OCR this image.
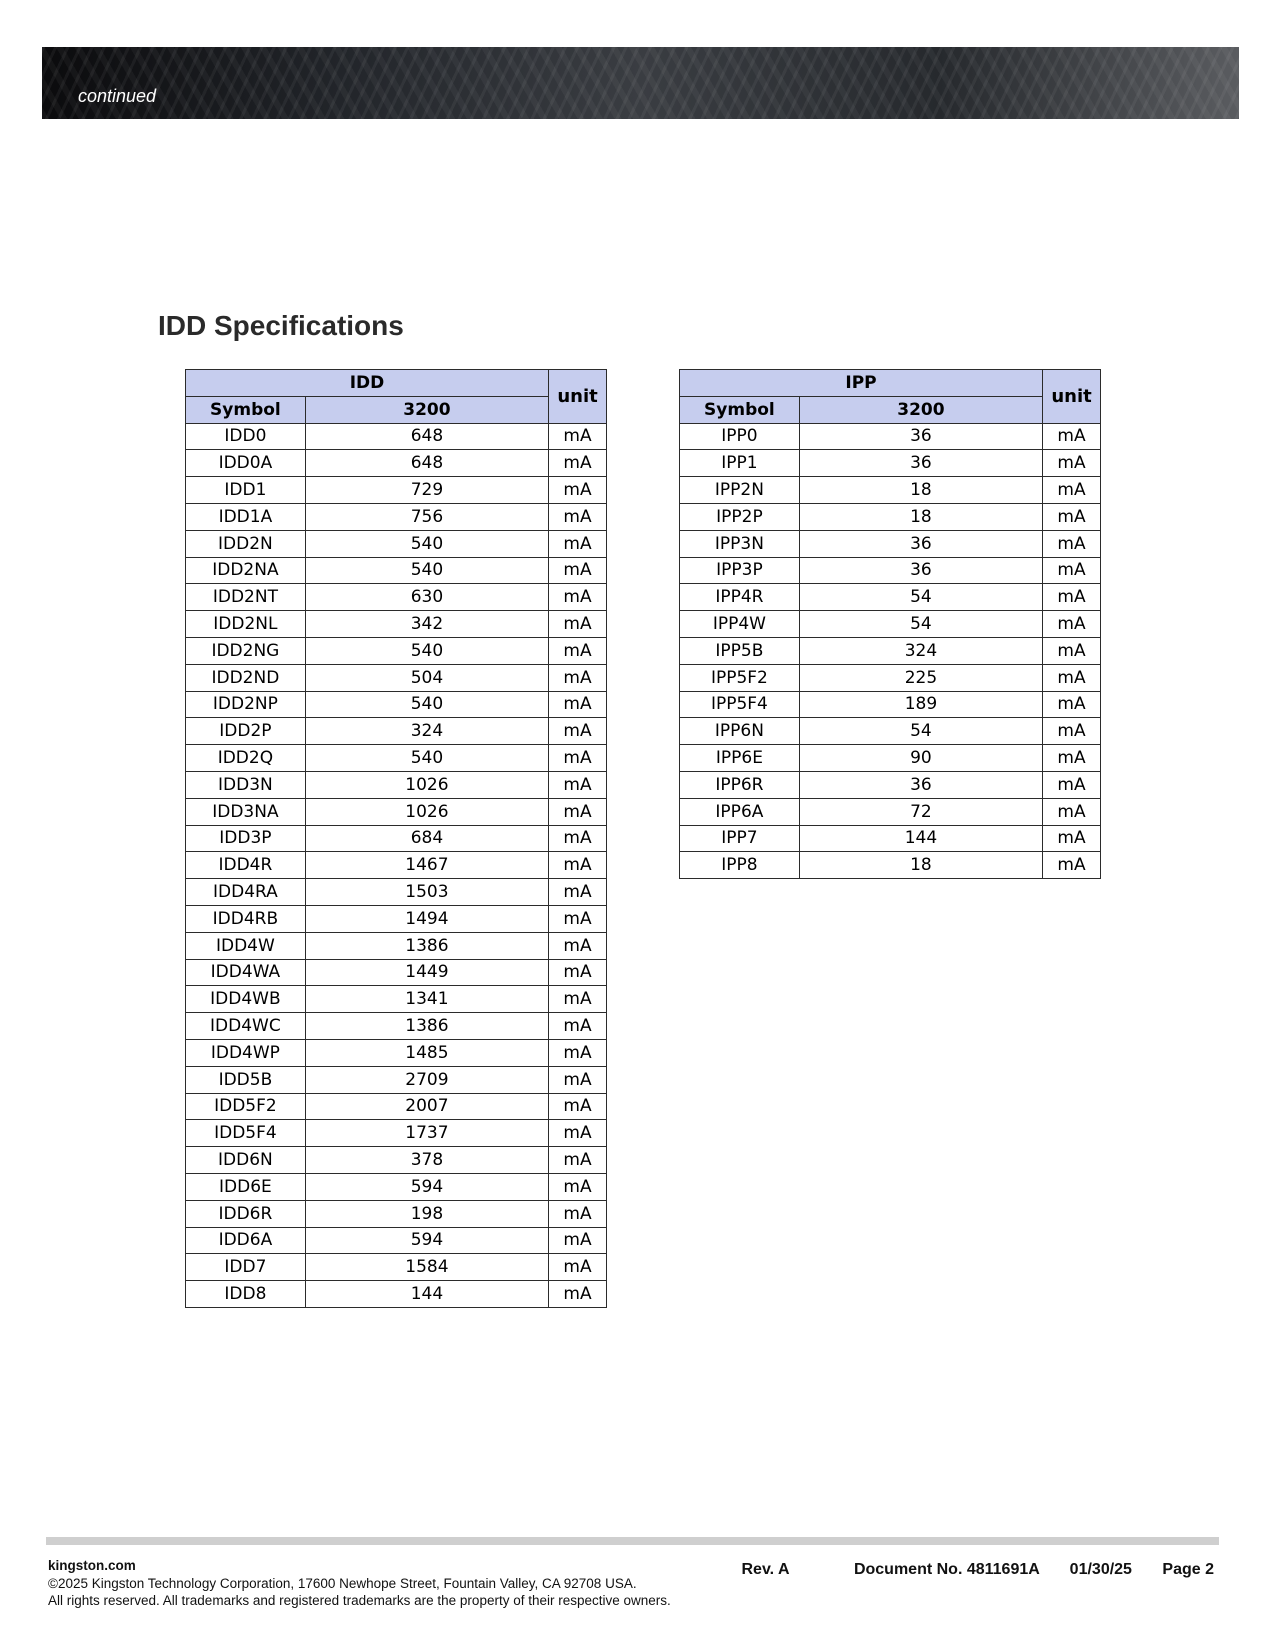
continued
IDD Specifications
IDD		unit
Symbol	3200	
IDD0	648	mA
IDD0A	648	mA
IDD1	729	mA
IDD1A	756	mA
IDD2N	540	mA
IDD2NA	540	mA
IDD2NT	630	mA
IDD2NL	342	mA
IDD2NG	540	mA
IDD2ND	504	mA
IDD2NP	540	mA
IDD2P	324	mA
IDD2Q	540	mA
IDD3N	1026	mA
IDD3NA	1026	mA
IDD3P	684	mA
IDD4R	1467	mA
IDD4RA	1503	mA
IDD4RB	1494	mA
IDD4W	1386	mA
IDD4WA	1449	mA
IDD4WB	1341	mA
IDD4WC	1386	mA
IDD4WP	1485	mA
IDD5B	2709	mA
IDD5F2	2007	mA
IDD5F4	1737	mA
IDD6N	378	mA
IDD6E	594	mA
IDD6R	198	mA
IDD6A	594	mA
IDD7	1584	mA
IDD8	144	mA
IPP		unit
Symbol	3200	
IPP0	36	mA
IPP1	36	mA
IPP2N	18	mA
IPP2P	18	mA
IPP3N	36	mA
IPP3P	36	mA
IPP4R	54	mA
IPP4W	54	mA
IPP5B	324	mA
IPP5F2	225	mA
IPP5F4	189	mA
IPP6N	54	mA
IPP6E	90	mA
IPP6R	36	mA
IPP6A	72	mA
IPP7	144	mA
IPP8	18	mA
kingston.com
©2025 Kingston Technology Corporation, 17600 Newhope Street, Fountain Valley, CA 92708 USA.
All rights reserved. All trademarks and registered trademarks are the property of their respective owners.
Rev. A	Document No. 4811691A 01/30/25 Page 2
